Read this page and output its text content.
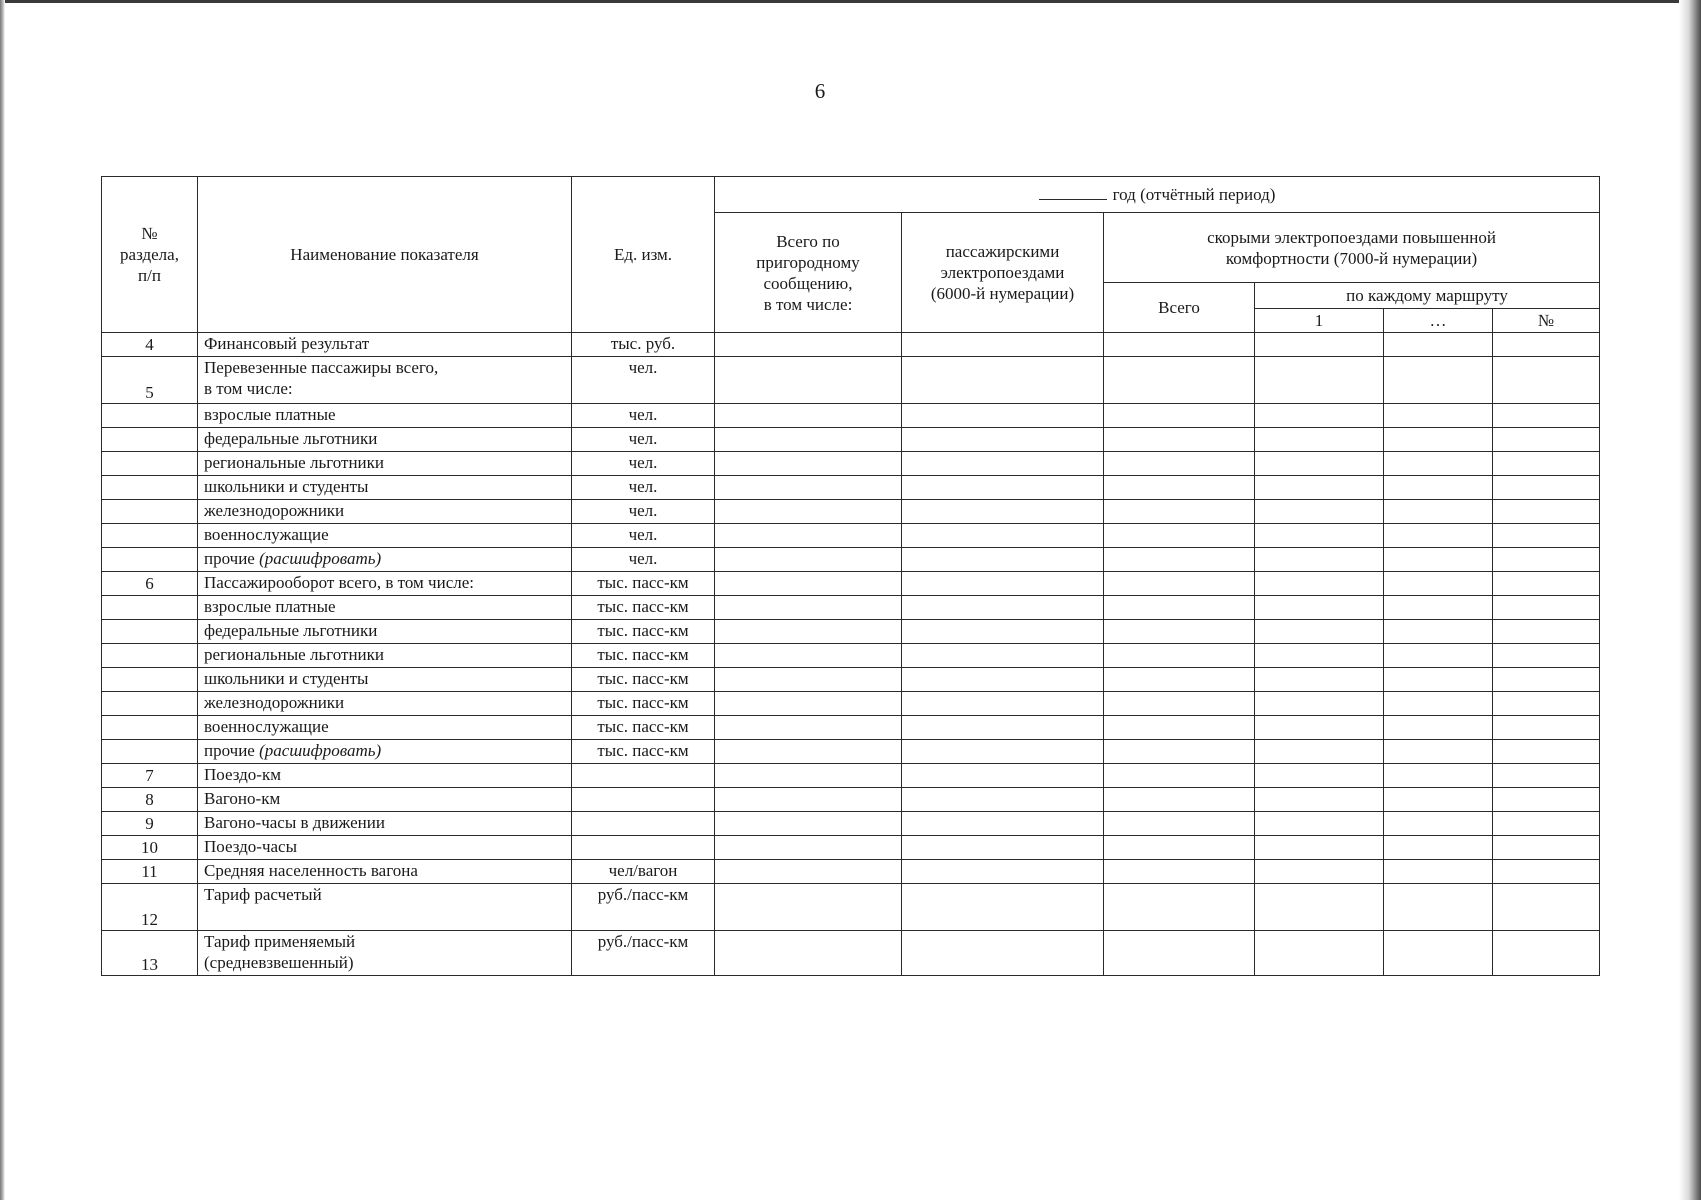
6
№
раздела,
п/п	Наименование показателя	Ед. изм.	год (отчётный период)					

			Всего по
пригородному
сообщению,
в том числе:	пассажирскими
электропоездами
(6000-й нумерации)	скорыми электропоездами повышенной
комфортности (7000-й нумерации)			

					Всего	по каждому маршруту		
						1	…	№
4	Финансовый результат	тыс. руб.						
5	Перевезенные пассажиры всего,
в том числе:	чел.						

	взрослые платные	чел.						

	федеральные льготники	чел.						

	региональные льготники	чел.						

	школьники и студенты	чел.						

	железнодорожники	чел.						

	военнослужащие	чел.						

	прочие (расшифровать)	чел.						
6	Пассажирооборот всего, в том числе:	тыс. пасс-км						

	взрослые платные	тыс. пасс-км						

	федеральные льготники	тыс. пасс-км						

	региональные льготники	тыс. пасс-км						

	школьники и студенты	тыс. пасс-км						

	железнодорожники	тыс. пасс-км						

	военнослужащие	тыс. пасс-км						

	прочие (расшифровать)	тыс. пасс-км						
7	Поездо-км							

8	Вагоно-км							

9	Вагоно-часы в движении							

10	Поездо-часы							

11	Средняя населенность вагона	чел/вагон						
12	Тариф расчетый	руб./пасс-км						
13	Тариф применяемый
(средневзвешенный)	руб./пасс-км						
